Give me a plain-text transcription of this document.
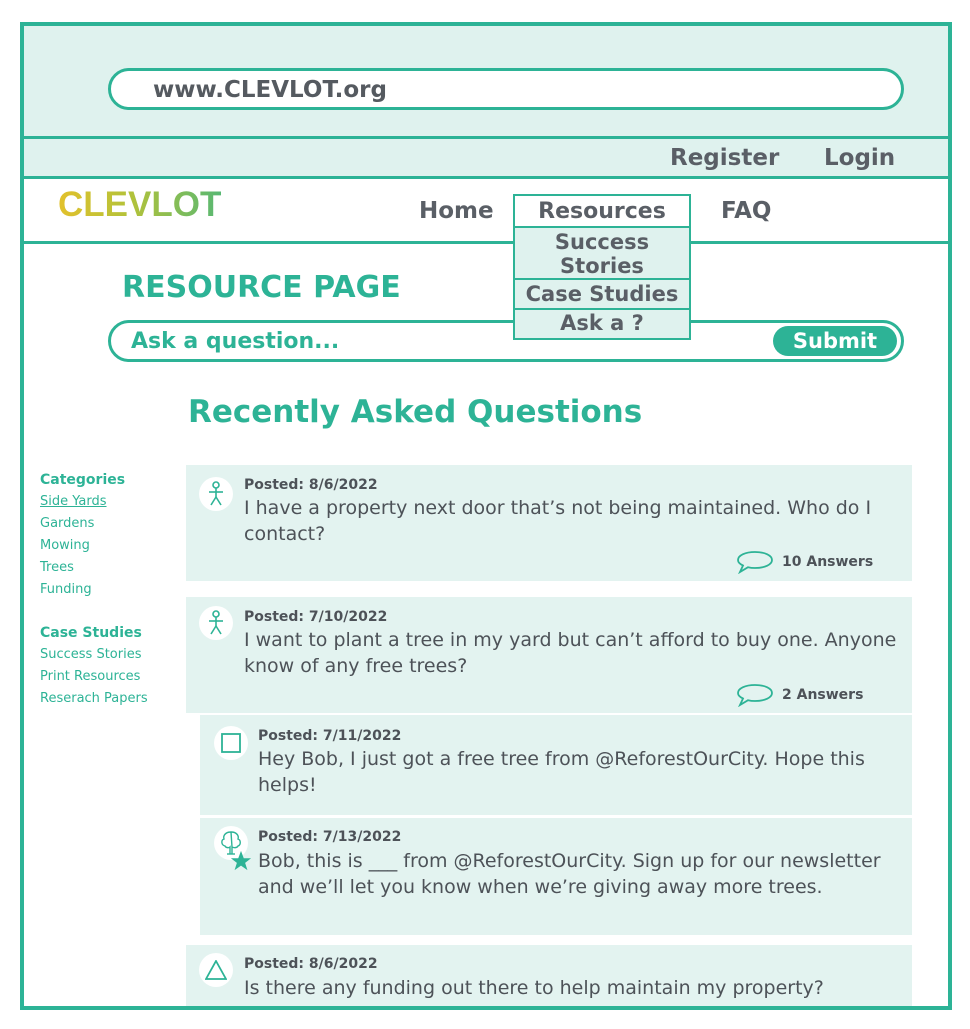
www.CLEVLOT.org
Register Login
CLEVLOT	Home	FAQ
Resources
Success Stories
Case Studies
Ask a ?
RESOURCE PAGE
Ask a question...
Submit
Recently Asked Questions
Categories
Side Yards
Gardens
Mowing
Trees
Funding
Case Studies
Success Stories
Print Resources
Reserach Papers
Posted: 8/6/2022
I have a property next door that’s not being maintained. Who do I contact?
10 Answers
Posted: 7/10/2022
I want to plant a tree in my yard but can’t afford to buy one. Anyone know of any free trees?
2 Answers
Posted: 7/11/2022
Hey Bob, I just got a free tree from @ReforestOurCity. Hope this helps!
Posted: 7/13/2022
Bob, this is ___ from @ReforestOurCity. Sign up for our newsletter and we’ll let you know when we’re giving away more trees.
Posted: 8/6/2022
Is there any funding out there to help maintain my property?
